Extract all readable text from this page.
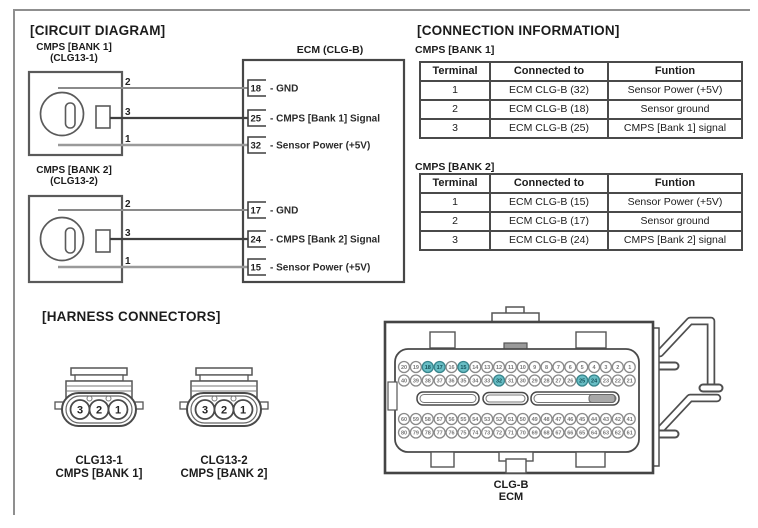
[CIRCUIT DIAGRAM]
CMPS [BANK 1]
(CLG13-1)
ECM (CLG-B)
CMPS [BANK 2]
(CLG13-2)
2
18 - GND
3
25 - CMPS [Bank 1] Signal
1
32 - Sensor Power (+5V)
2
17 - GND
3
24 - CMPS [Bank 2] Signal
1
15 - Sensor Power (+5V)
[CONNECTION INFORMATION]
CMPS [BANK 1]
Terminal	Connected to	Funtion
1	ECM CLG-B (32)	Sensor Power (+5V)
2	ECM CLG-B (18)	Sensor ground
3	ECM CLG-B (25)	CMPS [Bank 1] signal
CMPS [BANK 2]
Terminal	Connected to	Funtion
1	ECM CLG-B (15)	Sensor Power (+5V)
2	ECM CLG-B (17)	Sensor ground
3	ECM CLG-B (24)	CMPS [Bank 2] signal
[HARNESS CONNECTORS]
3 2 1	3 2 1
CLG13-1
CMPS [BANK 1]
CLG13-2
CMPS [BANK 2]
20 19 18 17 16 15 14 13 12 11 10 9 8 7 6 5 4 3 2 1
40 39 38 37 36 35 34 33 32 31 30 29 28 27 26 25 24 23 22 21
60 59 58 57 56 55 54 53 52 51 50 49 48 47 46 45 44 43 42 41
80 79 78 77 76 75 74 73 72 71 70 69 68 67 66 65 64 63 62 61
CLG-B
ECM
